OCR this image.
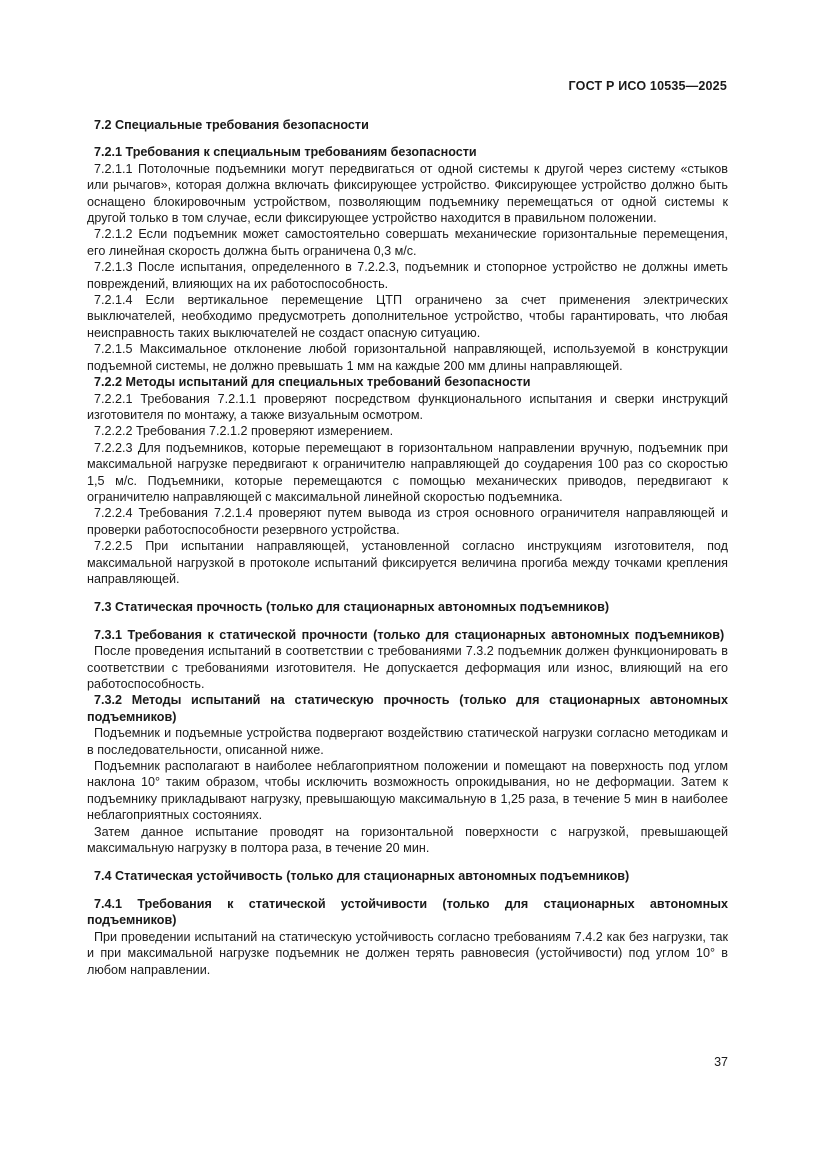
ГОСТ Р ИСО 10535—2025

7.2 Специальные требования безопасности

7.2.1 Требования к специальным требованиям безопасности

7.2.1.1 Потолочные подъемники могут передвигаться от одной системы к другой через систему «стыков или рычагов», которая должна включать фиксирующее устройство. Фиксирующее устройство должно быть оснащено блокировочным устройством, позволяющим подъемнику перемещаться от одной системы к другой только в том случае, если фиксирующее устройство находится в правильном положении.

7.2.1.2 Если подъемник может самостоятельно совершать механические горизонтальные перемещения, его линейная скорость должна быть ограничена 0,3 м/с.

7.2.1.3 После испытания, определенного в 7.2.2.3, подъемник и стопорное устройство не должны иметь повреждений, влияющих на их работоспособность.

7.2.1.4 Если вертикальное перемещение ЦТП ограничено за счет применения электрических выключателей, необходимо предусмотреть дополнительное устройство, чтобы гарантировать, что любая неисправность таких выключателей не создаст опасную ситуацию.

7.2.1.5 Максимальное отклонение любой горизонтальной направляющей, используемой в конструкции подъемной системы, не должно превышать 1 мм на каждые 200 мм длины направляющей.

7.2.2 Методы испытаний для специальных требований безопасности

7.2.2.1 Требования 7.2.1.1 проверяют посредством функционального испытания и сверки инструкций изготовителя по монтажу, а также визуальным осмотром.

7.2.2.2 Требования 7.2.1.2 проверяют измерением.

7.2.2.3 Для подъемников, которые перемещают в горизонтальном направлении вручную, подъемник при максимальной нагрузке передвигают к ограничителю направляющей до соударения 100 раз со скоростью 1,5 м/с. Подъемники, которые перемещаются с помощью механических приводов, передвигают к ограничителю направляющей с максимальной линейной скоростью подъемника.

7.2.2.4 Требования 7.2.1.4 проверяют путем вывода из строя основного ограничителя направляющей и проверки работоспособности резервного устройства.

7.2.2.5 При испытании направляющей, установленной согласно инструкциям изготовителя, под максимальной нагрузкой в протоколе испытаний фиксируется величина прогиба между точками крепления направляющей.

7.3 Статическая прочность (только для стационарных автономных подъемников)

7.3.1 Требования к статической прочности (только для стационарных автономных подъемников)

После проведения испытаний в соответствии с требованиями 7.3.2 подъемник должен функционировать в соответствии с требованиями изготовителя. Не допускается деформация или износ, влияющий на его работоспособность.

7.3.2 Методы испытаний на статическую прочность (только для стационарных автономных подъемников)

Подъемник и подъемные устройства подвергают воздействию статической нагрузки согласно методикам и в последовательности, описанной ниже.

Подъемник располагают в наиболее неблагоприятном положении и помещают на поверхность под углом наклона 10° таким образом, чтобы исключить возможность опрокидывания, но не деформации. Затем к подъемнику прикладывают нагрузку, превышающую максимальную в 1,25 раза, в течение 5 мин в наиболее неблагоприятных состояниях.

Затем данное испытание проводят на горизонтальной поверхности с нагрузкой, превышающей максимальную нагрузку в полтора раза, в течение 20 мин.

7.4 Статическая устойчивость (только для стационарных автономных подъемников)

7.4.1 Требования к статической устойчивости (только для стационарных автономных подъемников)

При проведении испытаний на статическую устойчивость согласно требованиям 7.4.2 как без нагрузки, так и при максимальной нагрузке подъемник не должен терять равновесия (устойчивости) под углом 10° в любом направлении.

37
